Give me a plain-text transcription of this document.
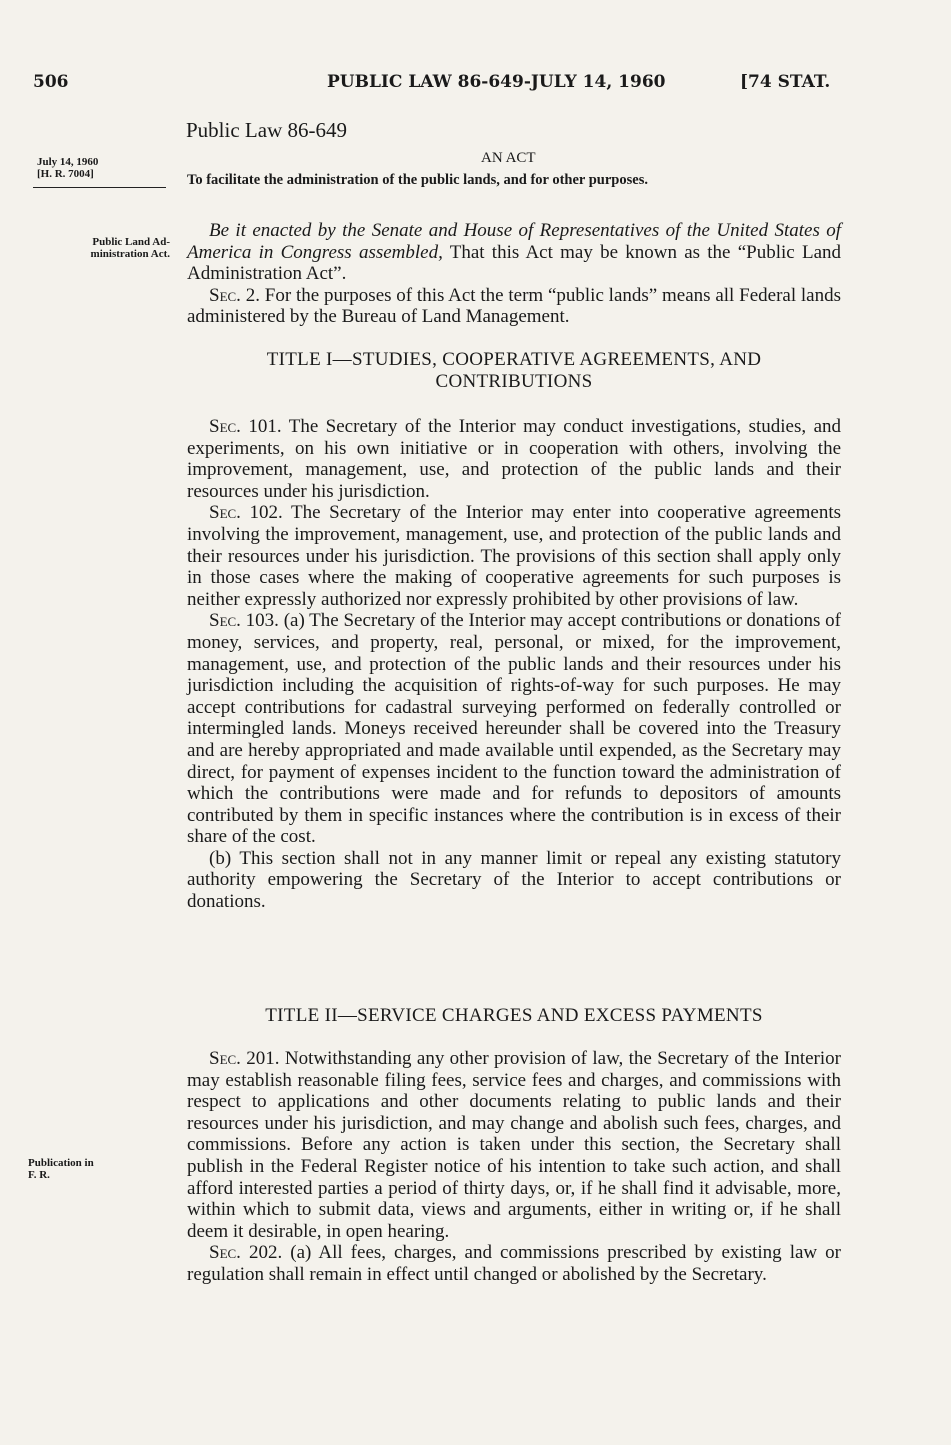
506	PUBLIC LAW 86-649-JULY 14, 1960	[74 STAT.
Public Law 86-649
AN ACT
To facilitate the administration of the public lands, and for other purposes.
July 14, 1960
[H. R. 7004]
Public Land Ad-
ministration Act.
Publication in
F. R.

Be it enacted by the Senate and House of Representatives of the United States of America in Congress assembled, That this Act may be known as the “Public Land Administration Act”.

Sec. 2. For the purposes of this Act the term “public lands” means all Federal lands administered by the Bureau of Land Management.

TITLE I—STUDIES, COOPERATIVE AGREEMENTS, AND
CONTRIBUTIONS

Sec. 101. The Secretary of the Interior may conduct investigations, studies, and experiments, on his own initiative or in cooperation with others, involving the improvement, management, use, and protection of the public lands and their resources under his jurisdiction.

Sec. 102. The Secretary of the Interior may enter into cooperative agreements involving the improvement, management, use, and protection of the public lands and their resources under his jurisdiction. The provisions of this section shall apply only in those cases where the making of cooperative agreements for such purposes is neither expressly authorized nor expressly prohibited by other provisions of law.

Sec. 103. (a) The Secretary of the Interior may accept contributions or donations of money, services, and property, real, personal, or mixed, for the improvement, management, use, and protection of the public lands and their resources under his jurisdiction including the acquisition of rights-of-way for such purposes. He may accept contributions for cadastral surveying performed on federally controlled or intermingled lands. Moneys received hereunder shall be covered into the Treasury and are hereby appropriated and made available until expended, as the Secretary may direct, for payment of expenses incident to the function toward the administration of which the contributions were made and for refunds to depositors of amounts contributed by them in specific instances where the contribution is in excess of their share of the cost.

(b) This section shall not in any manner limit or repeal any existing statutory authority empowering the Secretary of the Interior to accept contributions or donations.

TITLE II—SERVICE CHARGES AND EXCESS PAYMENTS

Sec. 201. Notwithstanding any other provision of law, the Secretary of the Interior may establish reasonable filing fees, service fees and charges, and commissions with respect to applications and other documents relating to public lands and their resources under his jurisdiction, and may change and abolish such fees, charges, and commissions. Before any action is taken under this section, the Secretary shall publish in the Federal Register notice of his intention to take such action, and shall afford interested parties a period of thirty days, or, if he shall find it advisable, more, within which to submit data, views and arguments, either in writing or, if he shall deem it desirable, in open hearing.

Sec. 202. (a) All fees, charges, and commissions prescribed by existing law or regulation shall remain in effect until changed or abolished by the Secretary.
